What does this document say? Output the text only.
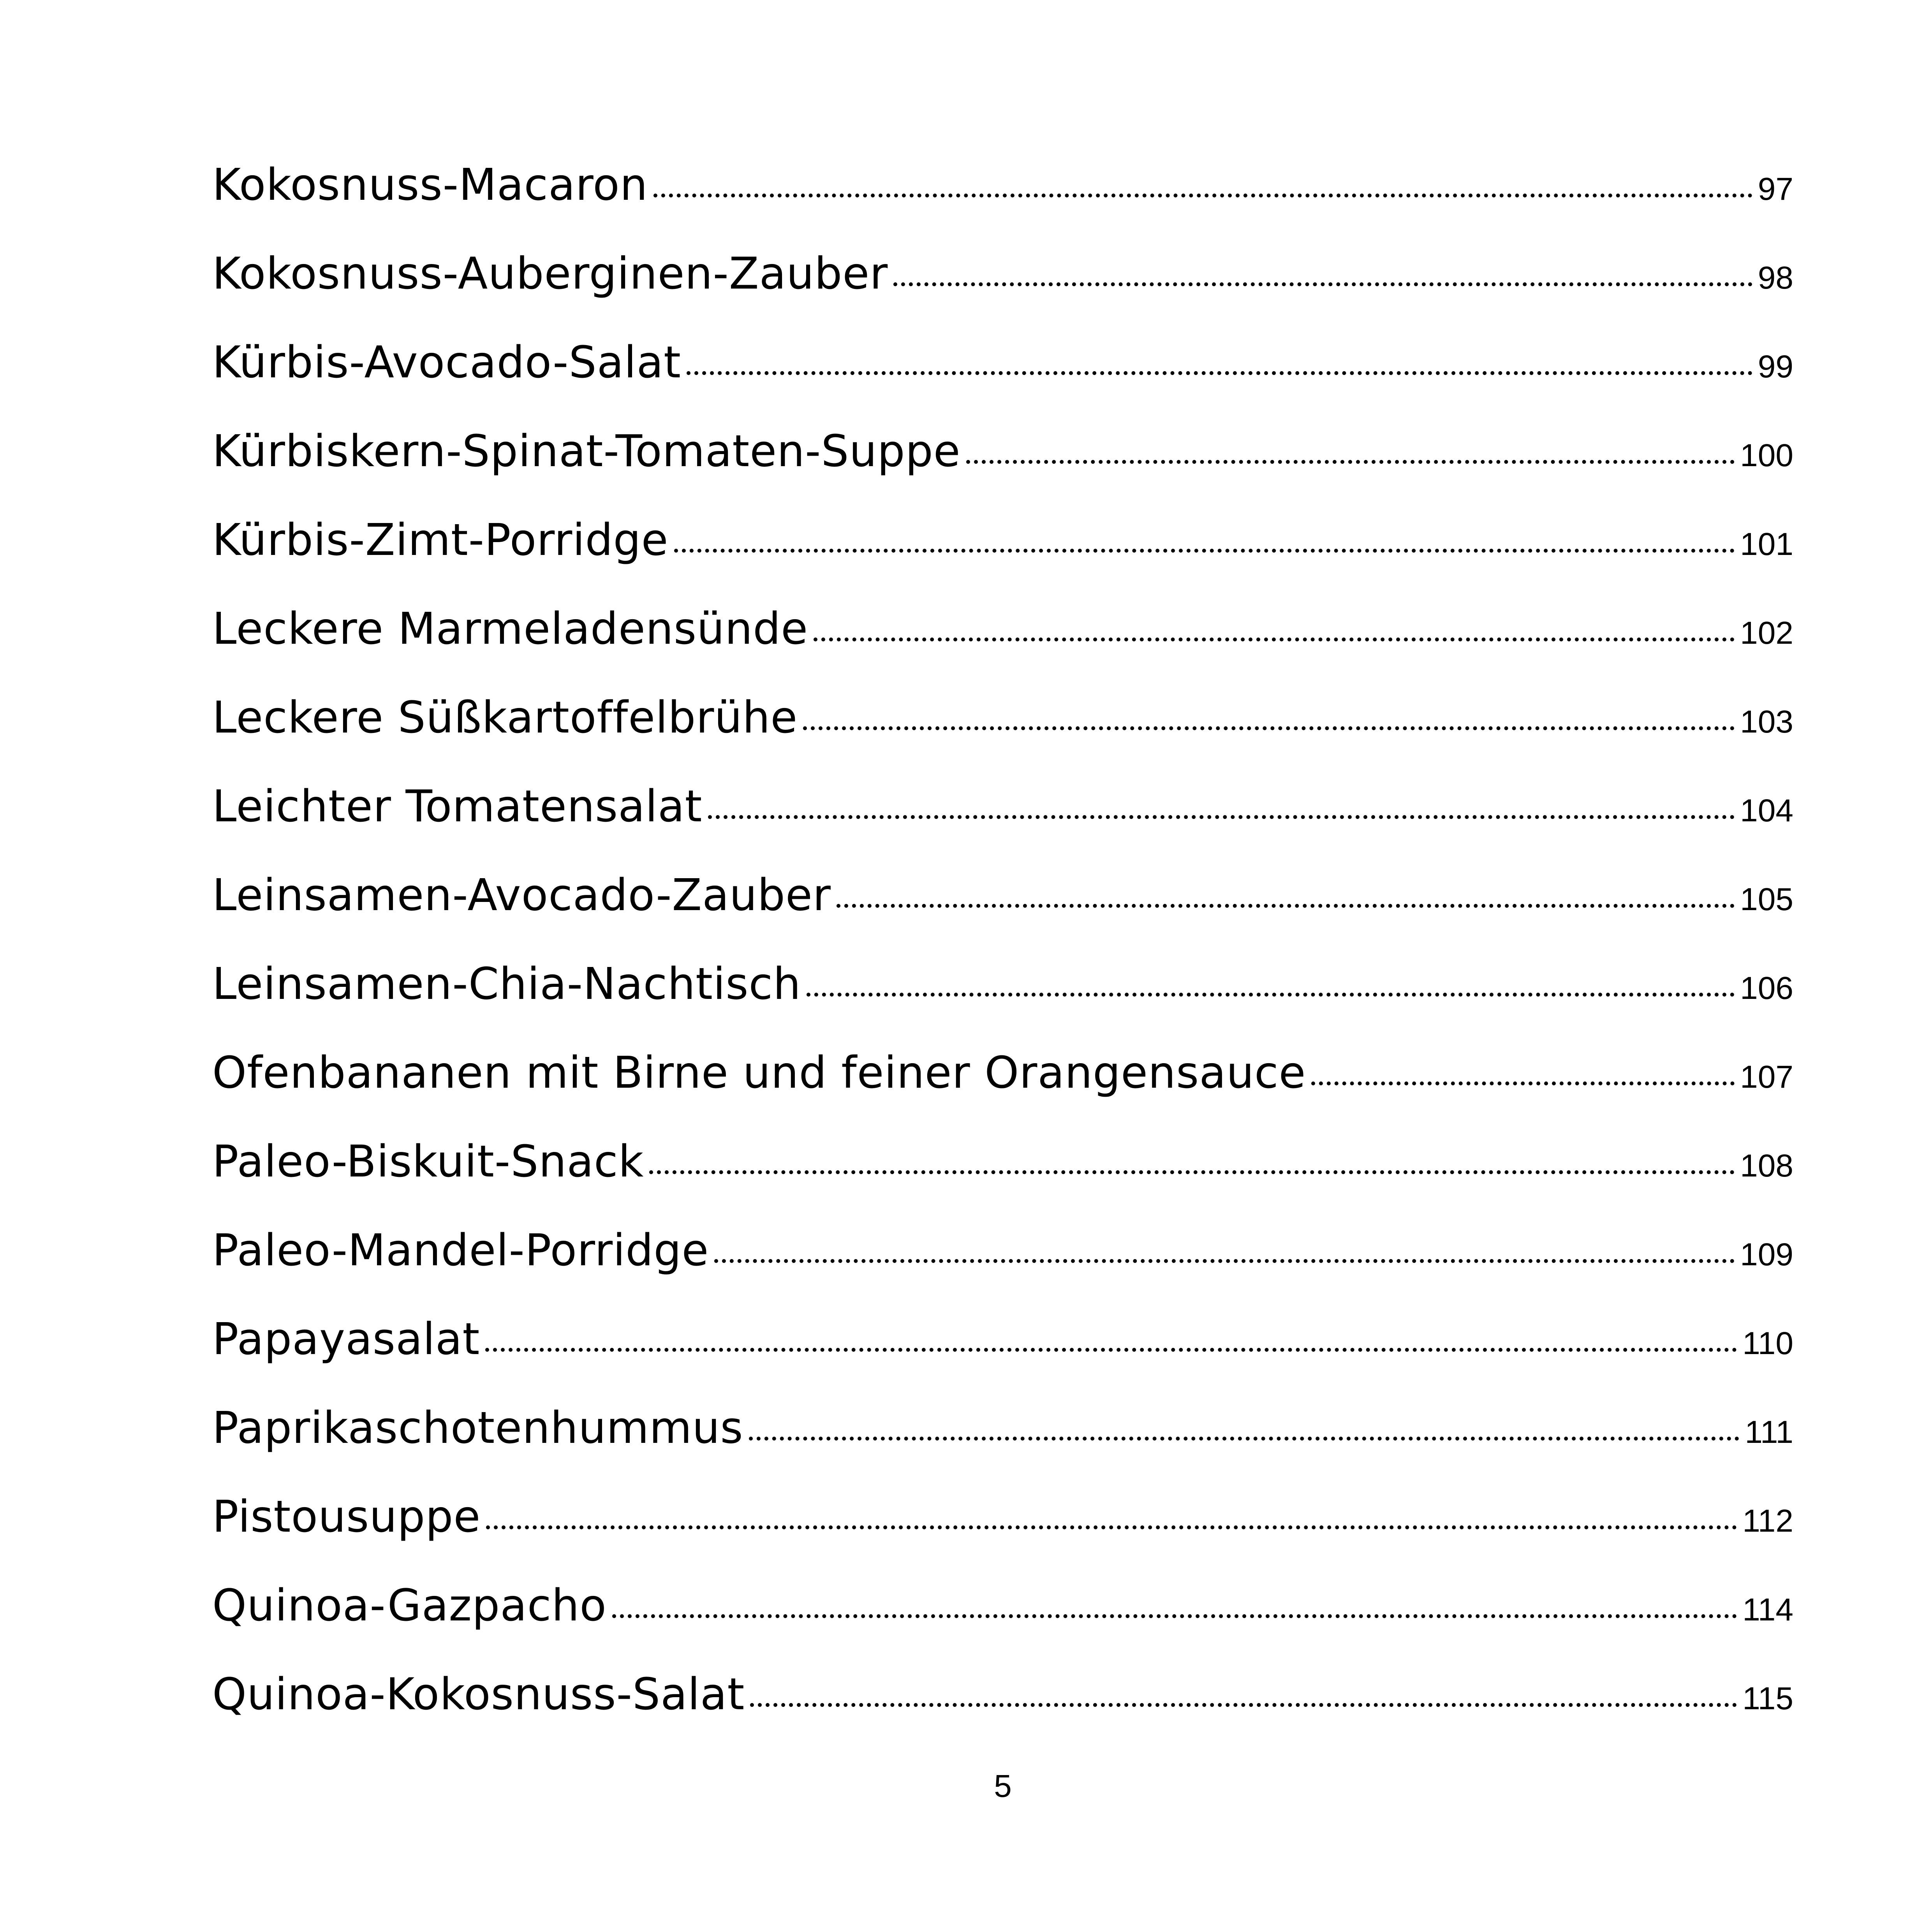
Kokosnuss-Macaron	97
Kokosnuss-Auberginen-Zauber	98
Kürbis-Avocado-Salat	99
Kürbiskern-Spinat-Tomaten-Suppe	100
Kürbis-Zimt-Porridge	101
Leckere Marmeladensünde	102
Leckere Süßkartoffelbrühe	103
Leichter Tomatensalat	104
Leinsamen-Avocado-Zauber	105
Leinsamen-Chia-Nachtisch	106
Ofenbananen mit Birne und feiner Orangensauce	107
Paleo-Biskuit-Snack	108
Paleo-Mandel-Porridge	109
Papayasalat	110
Paprikaschotenhummus	111
Pistousuppe	112
Quinoa-Gazpacho	114
Quinoa-Kokosnuss-Salat	115
5
